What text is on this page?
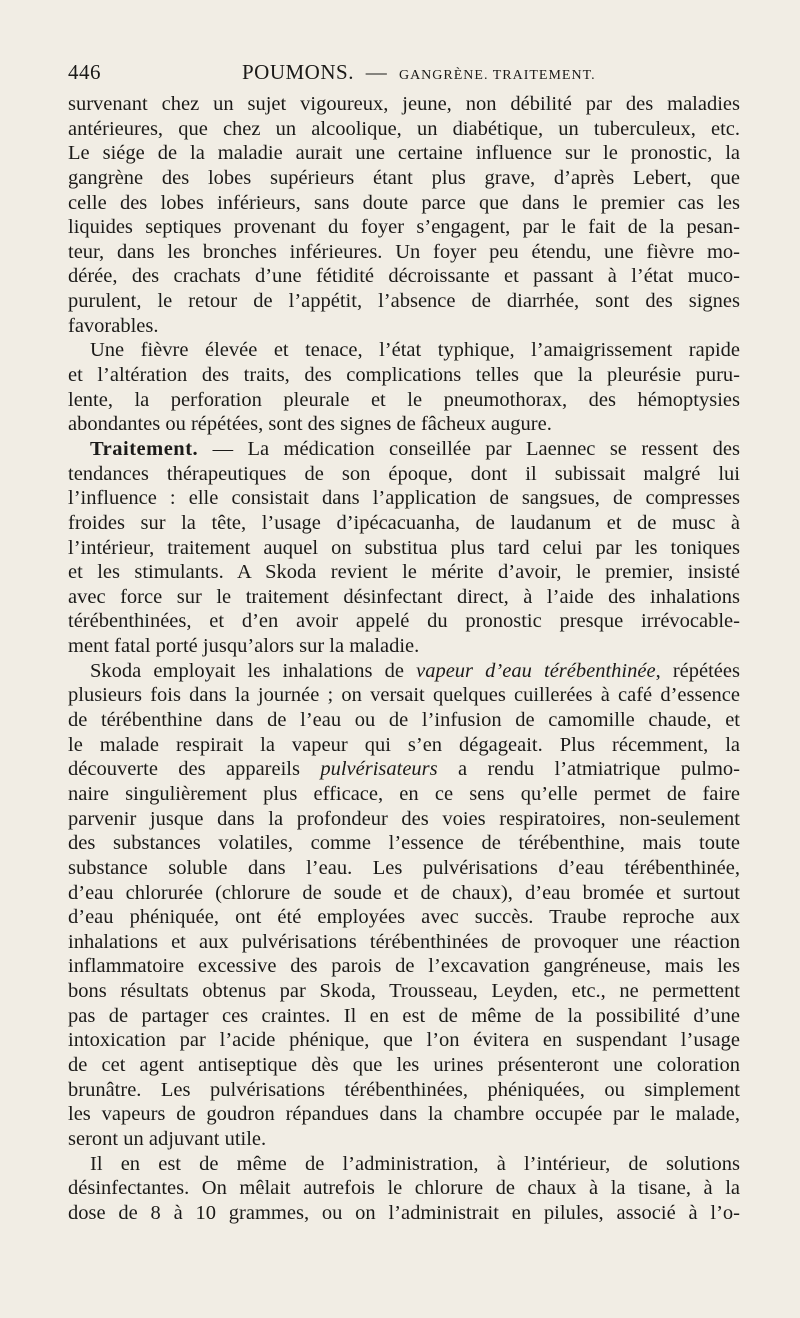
446	POUMONS. — GANGRÈNE. TRAITEMENT.
survenant chez un sujet vigoureux, jeune, non débilité par des maladies
antérieures, que chez un alcoolique, un diabétique, un tuberculeux, etc.
Le siége de la maladie aurait une certaine influence sur le pronostic, la
gangrène des lobes supérieurs étant plus grave, d’après Lebert, que
celle des lobes inférieurs, sans doute parce que dans le premier cas les
liquides septiques provenant du foyer s’engagent, par le fait de la pesan-
teur, dans les bronches inférieures. Un foyer peu étendu, une fièvre mo-
dérée, des crachats d’une fétidité décroissante et passant à l’état muco-
purulent, le retour de l’appétit, l’absence de diarrhée, sont des signes
favorables.
Une fièvre élevée et tenace, l’état typhique, l’amaigrissement rapide
et l’altération des traits, des complications telles que la pleurésie puru-
lente, la perforation pleurale et le pneumothorax, des hémoptysies
abondantes ou répétées, sont des signes de fâcheux augure.
Traitement. — La médication conseillée par Laennec se ressent des
tendances thérapeutiques de son époque, dont il subissait malgré lui
l’influence : elle consistait dans l’application de sangsues, de compresses
froides sur la tête, l’usage d’ipécacuanha, de laudanum et de musc à
l’intérieur, traitement auquel on substitua plus tard celui par les toniques
et les stimulants. A Skoda revient le mérite d’avoir, le premier, insisté
avec force sur le traitement désinfectant direct, à l’aide des inhalations
térébenthinées, et d’en avoir appelé du pronostic presque irrévocable-
ment fatal porté jusqu’alors sur la maladie.
Skoda employait les inhalations de vapeur d’eau térébenthinée, répétées
plusieurs fois dans la journée ; on versait quelques cuillerées à café d’essence
de térébenthine dans de l’eau ou de l’infusion de camomille chaude, et
le malade respirait la vapeur qui s’en dégageait. Plus récemment, la
découverte des appareils pulvérisateurs a rendu l’atmiatrique pulmo-
naire singulièrement plus efficace, en ce sens qu’elle permet de faire
parvenir jusque dans la profondeur des voies respiratoires, non-seulement
des substances volatiles, comme l’essence de térébenthine, mais toute
substance soluble dans l’eau. Les pulvérisations d’eau térébenthinée,
d’eau chlorurée (chlorure de soude et de chaux), d’eau bromée et surtout
d’eau phéniquée, ont été employées avec succès. Traube reproche aux
inhalations et aux pulvérisations térébenthinées de provoquer une réaction
inflammatoire excessive des parois de l’excavation gangréneuse, mais les
bons résultats obtenus par Skoda, Trousseau, Leyden, etc., ne permettent
pas de partager ces craintes. Il en est de même de la possibilité d’une
intoxication par l’acide phénique, que l’on évitera en suspendant l’usage
de cet agent antiseptique dès que les urines présenteront une coloration
brunâtre. Les pulvérisations térébenthinées, phéniquées, ou simplement
les vapeurs de goudron répandues dans la chambre occupée par le malade,
seront un adjuvant utile.
Il en est de même de l’administration, à l’intérieur, de solutions
désinfectantes. On mêlait autrefois le chlorure de chaux à la tisane, à la
dose de 8 à 10 grammes, ou on l’administrait en pilules, associé à l’o-
